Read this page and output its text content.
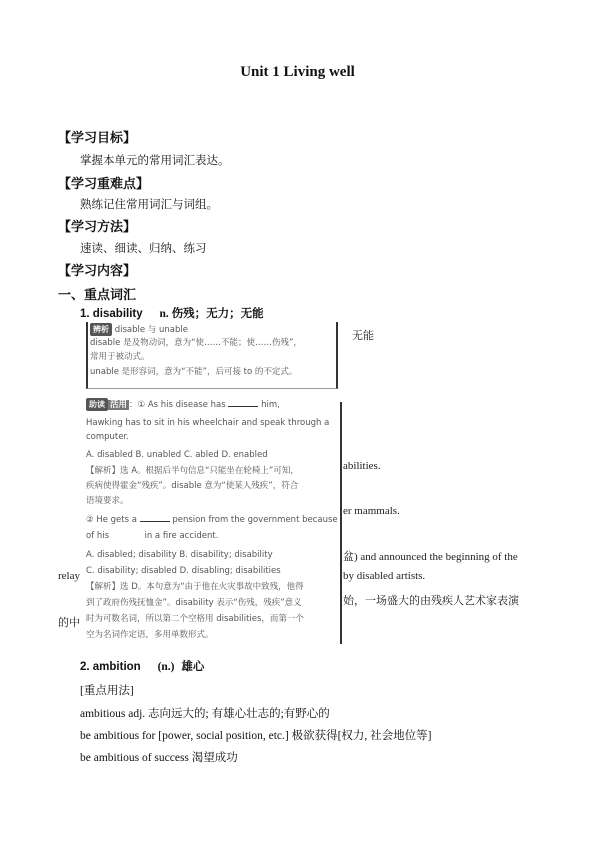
Unit 1 Living well
【学习目标】
掌握本单元的常用词汇表达。
【学习重难点】
熟练记住常用词汇与词组。
【学习方法】
速读、细读、归纳、练习
【学习内容】
一、重点词汇
1. disability n. 伤残；无力；无能
无能
abilities.
er mammals.
盆) and announced the beginning of the
relay	by disabled artists.
始，一场盛大的由残疾人艺术家表演
的中
辨析 disable 与 unable
disable 是及物动词，意为“使……不能；使……伤残”，
常用于被动式。
unable 是形容词，意为“不能”，后可接 to 的不定式。
助读 活用 ：① As his disease has	him,
Hawking has to sit in his wheelchair and speak through a
computer.
A. disabled B. unabled C. abled D. enabled
【解析】选 A。根据后半句信息“只能坐在轮椅上”可知，
疾病使得霍金“残疾”。disable 意为“使某人残疾”，符合
语境要求。
② He gets a	pension from the government because
of his	in a fire accident.
A. disabled; disability B. disability; disability
C. disability; disabled D. disabling; disabilities
【解析】选 D。本句意为“由于他在火灾事故中致残，他得
到了政府伤残抚恤金”。disability 表示“伤残，残疾”意义
时为可数名词，所以第二个空格用 disabilities，而第一个
空为名词作定语，多用单数形式。
2. ambition (n.) 雄心
[重点用法]
ambitious adj. 志向远大的; 有雄心壮志的;有野心的
be ambitious for [power, social position, etc.] 极欲获得[权力, 社会地位等]
be ambitious of success 渴望成功
